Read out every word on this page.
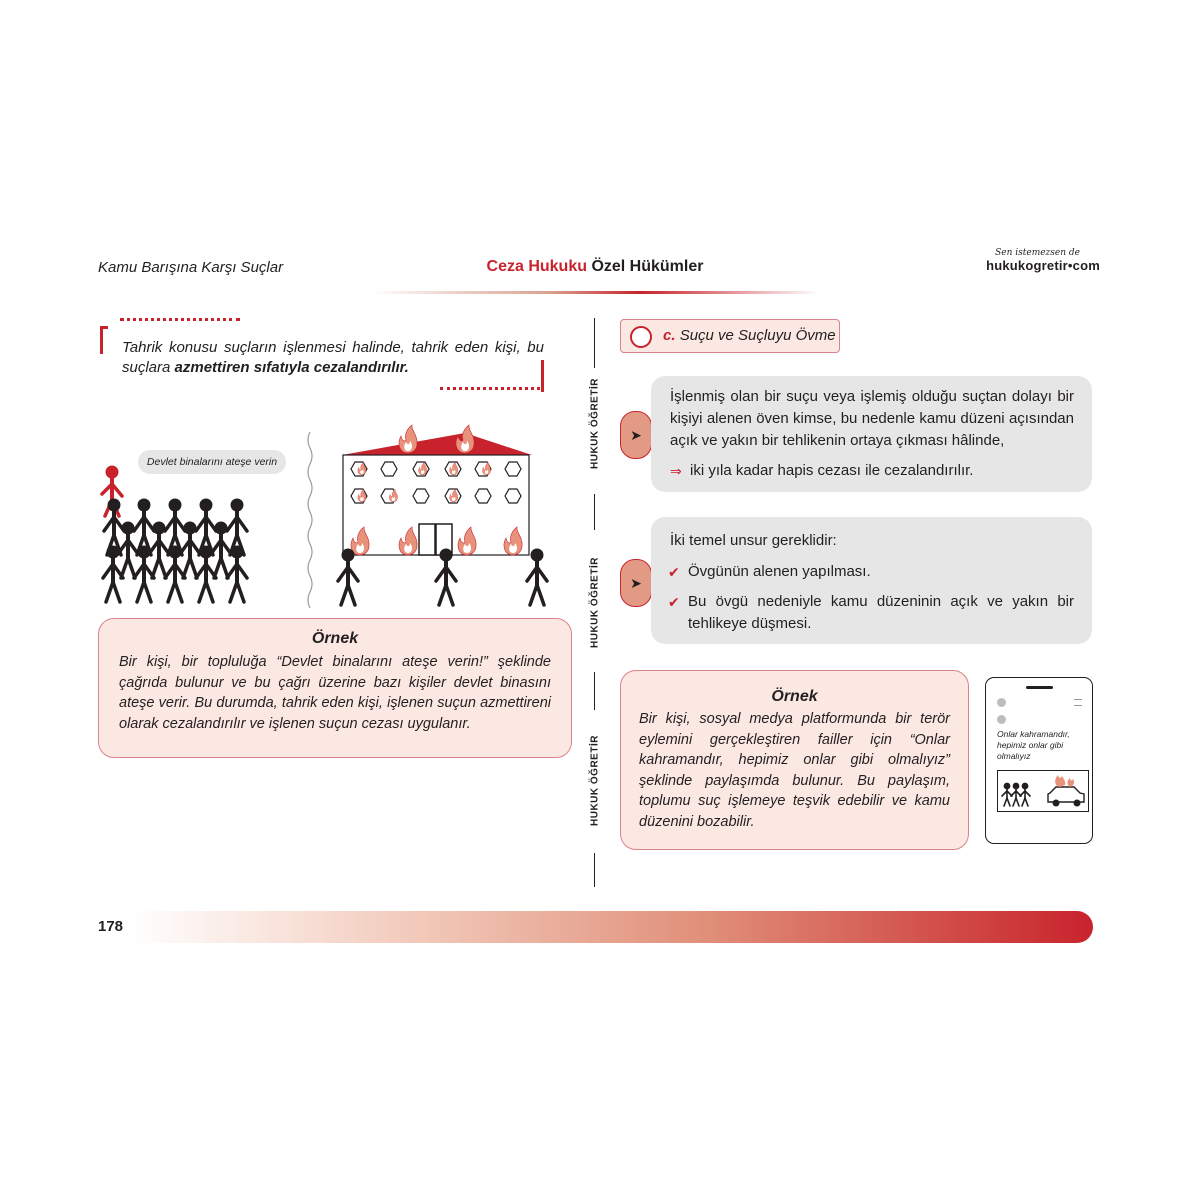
Kamu Barışına Karşı Suçlar	Ceza Hukuku Özel Hükümler
Sen istemezsen de
hukukogretir•com
Tahrik konusu suçların işlenmesi halinde, tahrik eden kişi, bu suçlara azmettiren sıfatıyla cezalandırılır.
Devlet binalarını ateşe verin
Örnek
Bir kişi, bir topluluğa “Devlet binalarını ateşe verin!” şeklinde çağrıda bulunur ve bu çağrı üzerine bazı kişiler devlet binasını ateşe verir. Bu durumda, tahrik eden kişi, işlenen suçun azmettireni olarak cezalandırılır ve işlenen suçun cezası uygulanır.
HUKUK ÖĞRETİR
HUKUK ÖĞRETİR
HUKUK ÖĞRETİR
c. Suçu ve Suçluyu Övme
➤
İşlenmiş olan bir suçu veya işlemiş olduğu suçtan dolayı bir kişiyi alenen öven kimse, bu nedenle kamu düzeni açısından açık ve yakın bir tehlikenin ortaya çıkması hâlinde,
⇒ iki yıla kadar hapis cezası ile cezalandırılır.
➤
İki temel unsur gereklidir:
✔ Övgünün alenen yapılması.
✔ Bu övgü nedeniyle kamu düzeninin açık ve yakın bir tehlikeye düşmesi.
Örnek
Bir kişi, sosyal medya platformunda bir terör eylemini gerçekleştiren failler için “Onlar kahramandır, hepimiz onlar gibi olmalıyız” şeklinde paylaşımda bulunur. Bu paylaşım, toplumu suç işlemeye teşvik edebilir ve kamu düzenini bozabilir.
Onlar kahramandır, hepimiz onlar gibi olmalıyız
178
